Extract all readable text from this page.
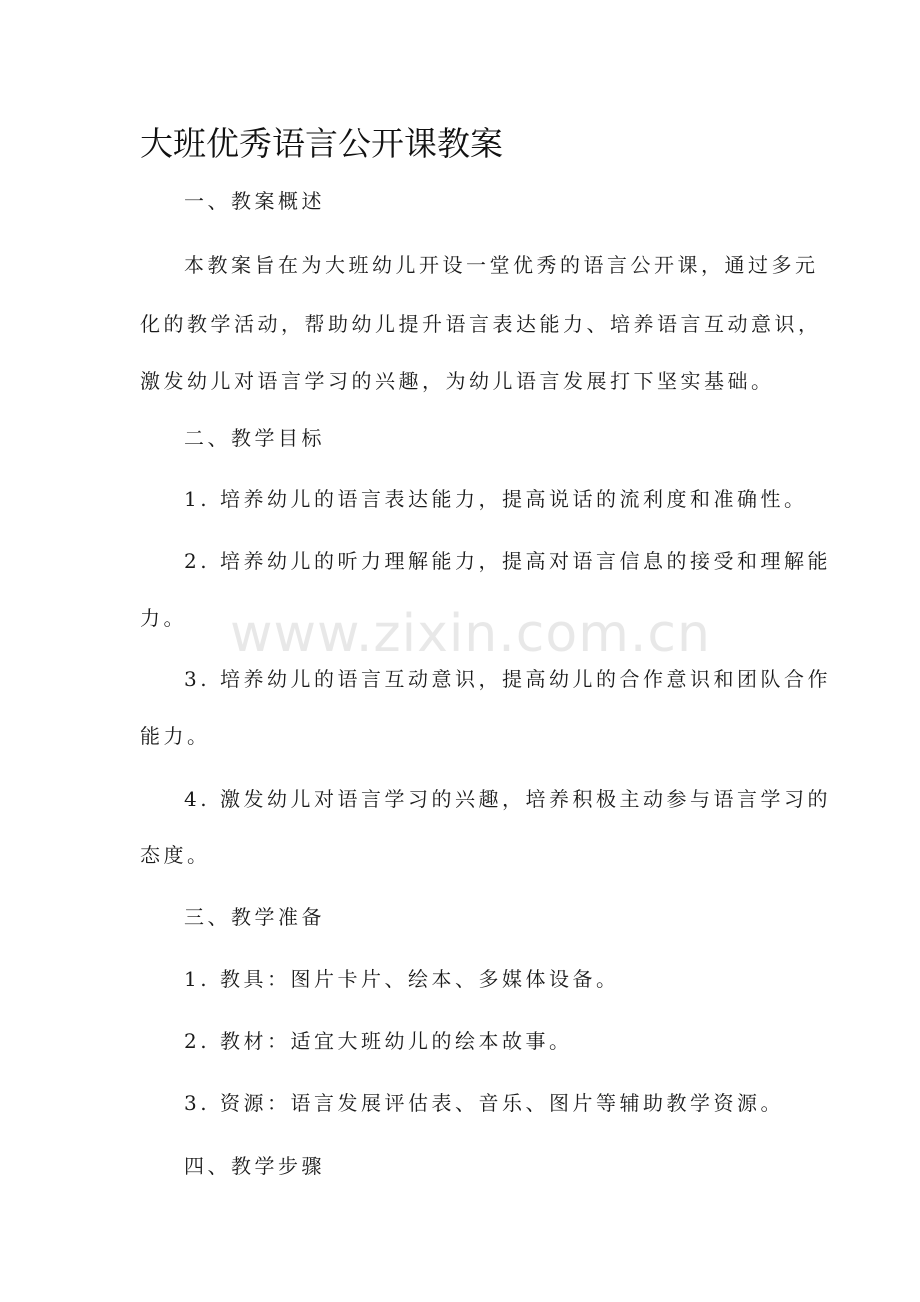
大班优秀语言公开课教案
一、教案概述
本教案旨在为大班幼儿开设一堂优秀的语言公开课，通过多元
化的教学活动，帮助幼儿提升语言表达能力、培养语言互动意识，
激发幼儿对语言学习的兴趣，为幼儿语言发展打下坚实基础。
二、教学目标
1. 培养幼儿的语言表达能力，提高说话的流利度和准确性。
2. 培养幼儿的听力理解能力，提高对语言信息的接受和理解能
力。
3. 培养幼儿的语言互动意识，提高幼儿的合作意识和团队合作
能力。
4. 激发幼儿对语言学习的兴趣，培养积极主动参与语言学习的
态度。
三、教学准备
1. 教具：图片卡片、绘本、多媒体设备。
2. 教材：适宜大班幼儿的绘本故事。
3. 资源：语言发展评估表、音乐、图片等辅助教学资源。
四、教学步骤
www.zixin.com.cn
